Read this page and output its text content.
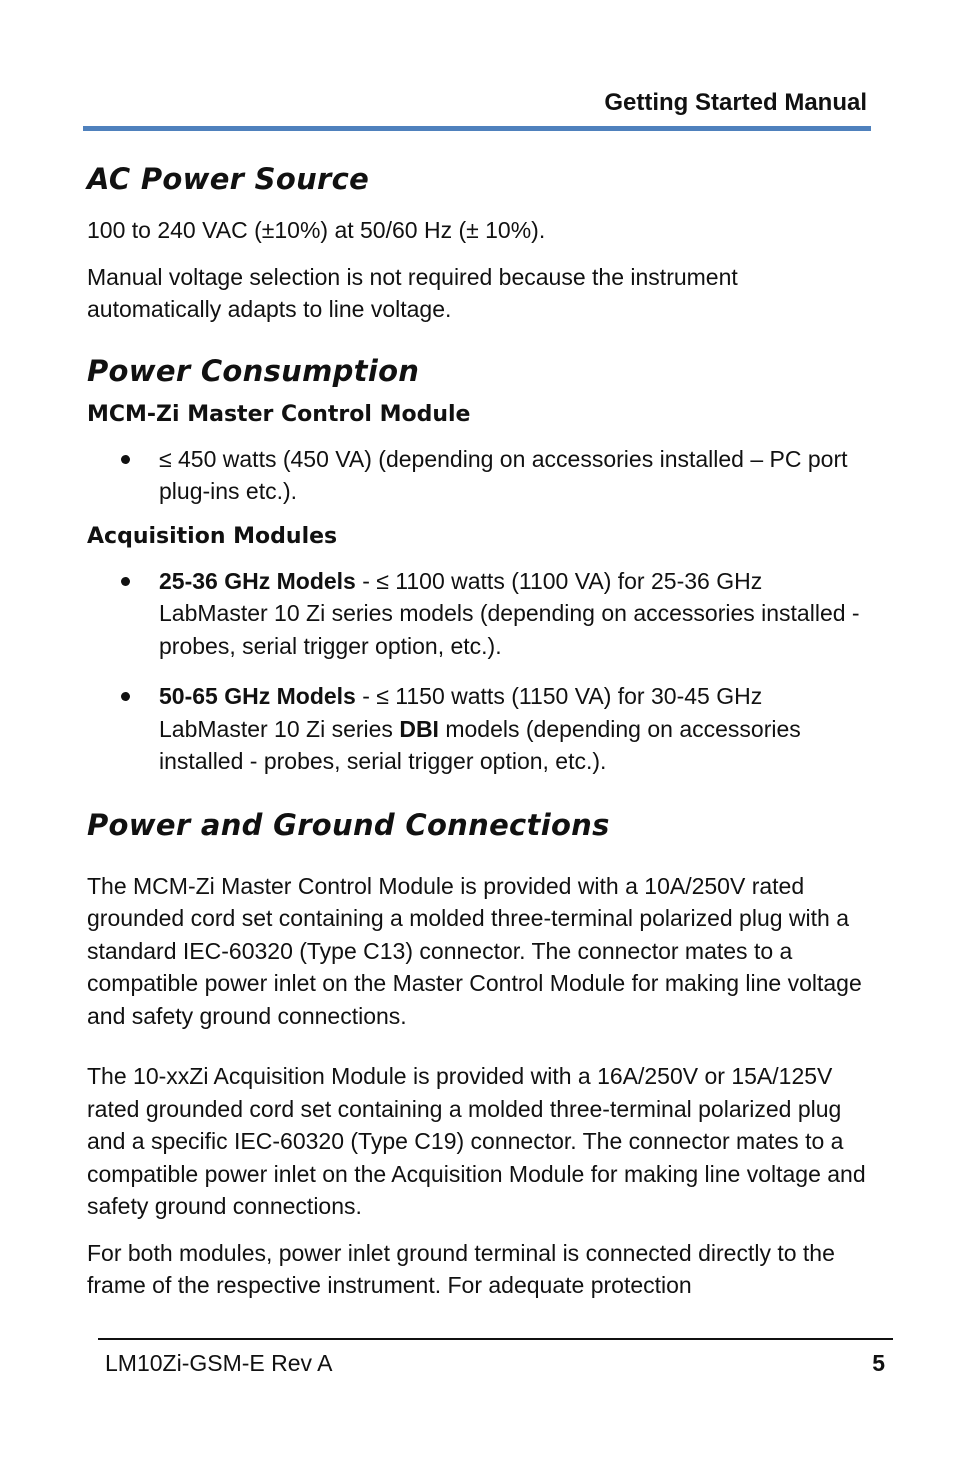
Getting Started Manual
AC Power Source

100 to 240 VAC (±10%) at 50/60 Hz (± 10%).

Manual voltage selection is not required because the instrument automatically adapts to line voltage.

Power Consumption
MCM-Zi Master Control Module
≤ 450 watts (450 VA) (depending on accessories installed – PC port plug-ins etc.).
Acquisition Modules
25-36 GHz Models - ≤ 1100 watts (1100 VA) for 25-36 GHz LabMaster 10 Zi series models (depending on accessories installed - probes, serial trigger option, etc.).
50-65 GHz Models - ≤ 1150 watts (1150 VA) for 30-45 GHz LabMaster 10 Zi series DBI models (depending on accessories installed - probes, serial trigger option, etc.).
Power and Ground Connections

The MCM-Zi Master Control Module is provided with a 10A/250V rated grounded cord set containing a molded three-terminal polarized plug with a standard IEC-60320 (Type C13) connector. The connector mates to a compatible power inlet on the Master Control Module for making line voltage and safety ground connections.

The 10-xxZi Acquisition Module is provided with a 16A/250V or 15A/125V rated grounded cord set containing a molded three-terminal polarized plug and a specific IEC-60320 (Type C19) connector. The connector mates to a compatible power inlet on the Acquisition Module for making line voltage and safety ground connections.

For both modules, power inlet ground terminal is connected directly to the frame of the respective instrument. For adequate protection

LM10Zi-GSM-E Rev A	5
